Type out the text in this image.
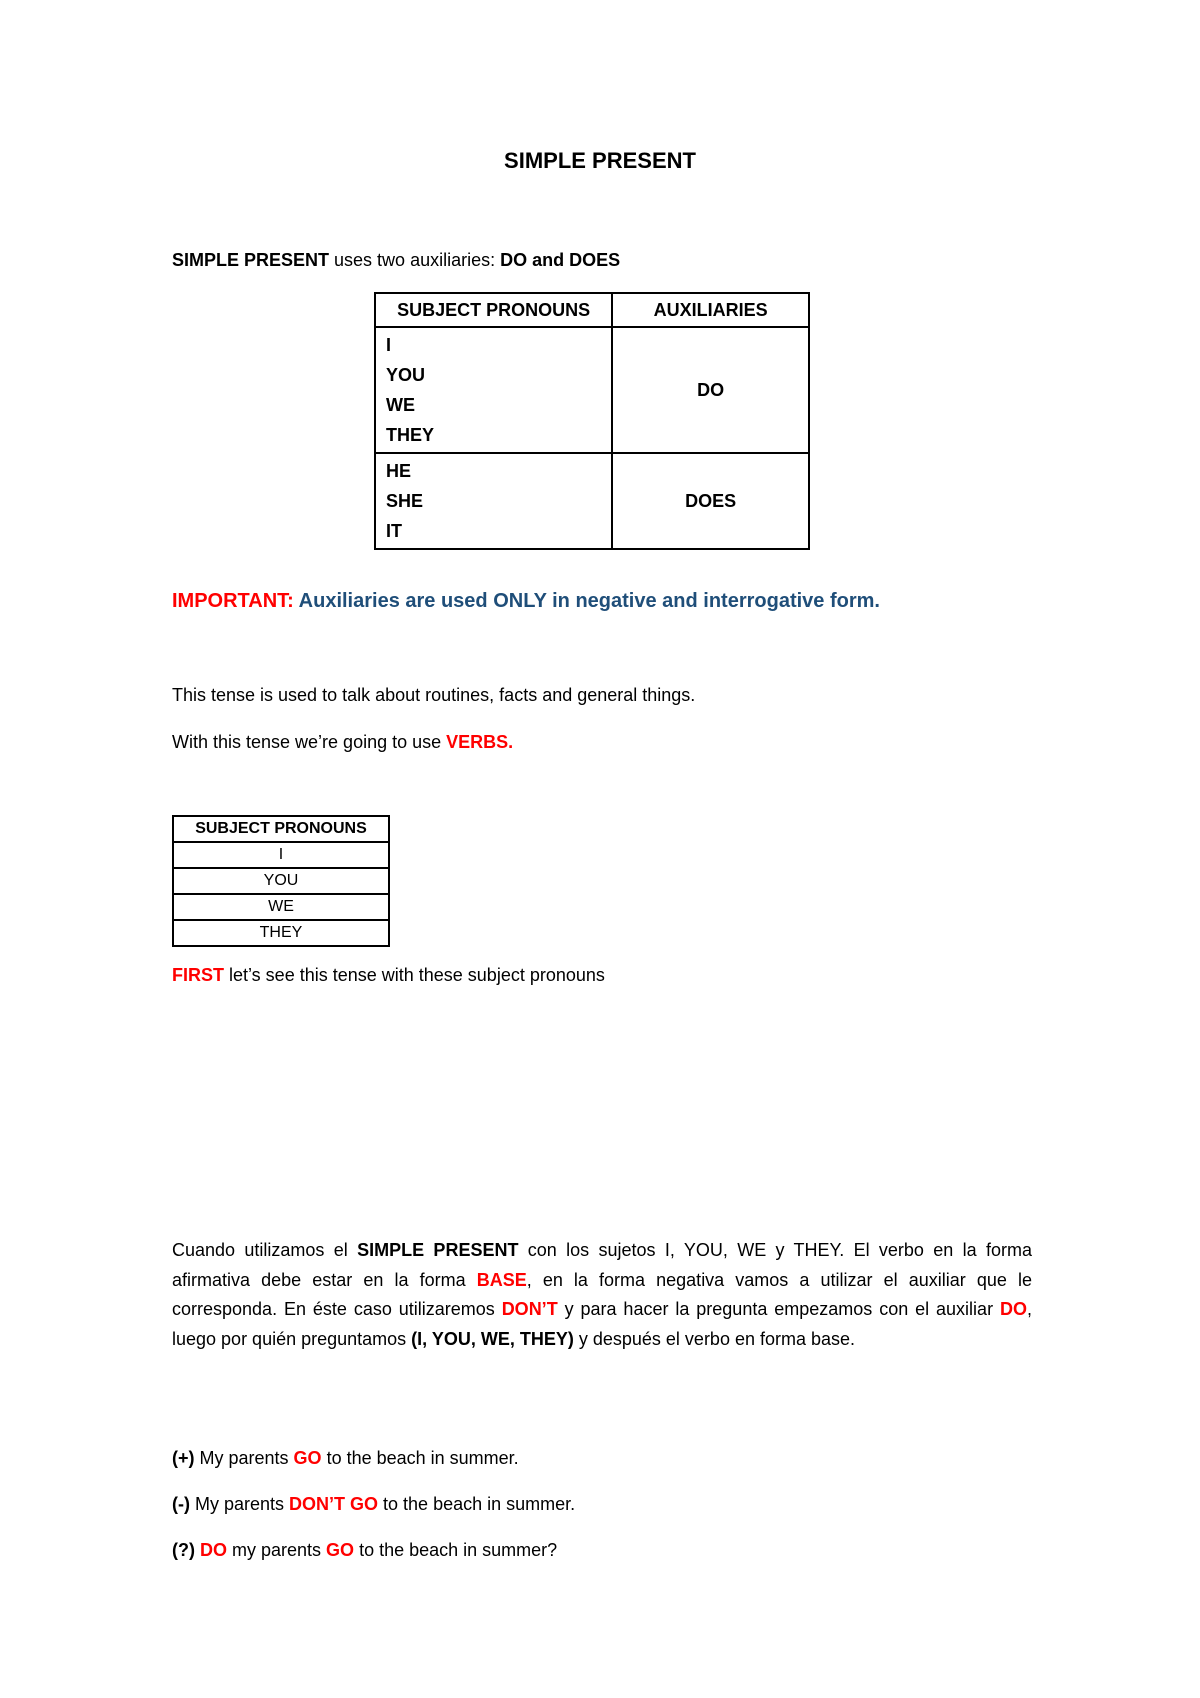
SIMPLE PRESENT
SIMPLE PRESENT uses two auxiliaries: DO and DOES
SUBJECT PRONOUNS	AUXILIARIES

I
YOU
WE
THEY	DO

HE
SHE
IT	DOES
IMPORTANT: Auxiliaries are used ONLY in negative and interrogative form.
This tense is used to talk about routines, facts and general things.
With this tense we’re going to use VERBS.
SUBJECT PRONOUNS
I
YOU
WE
THEY
FIRST let’s see this tense with these subject pronouns
Cuando utilizamos el SIMPLE PRESENT con los sujetos I, YOU, WE y THEY. El verbo en la forma afirmativa debe estar en la forma BASE, en la forma negativa vamos a utilizar el auxiliar que le corresponda. En éste caso utilizaremos DON’T y para hacer la pregunta empezamos con el auxiliar DO, luego por quién preguntamos (I, YOU, WE, THEY) y después el verbo en forma base.
(+) My parents GO to the beach in summer.
(-) My parents DON’T GO to the beach in summer.
(?) DO my parents GO to the beach in summer?
